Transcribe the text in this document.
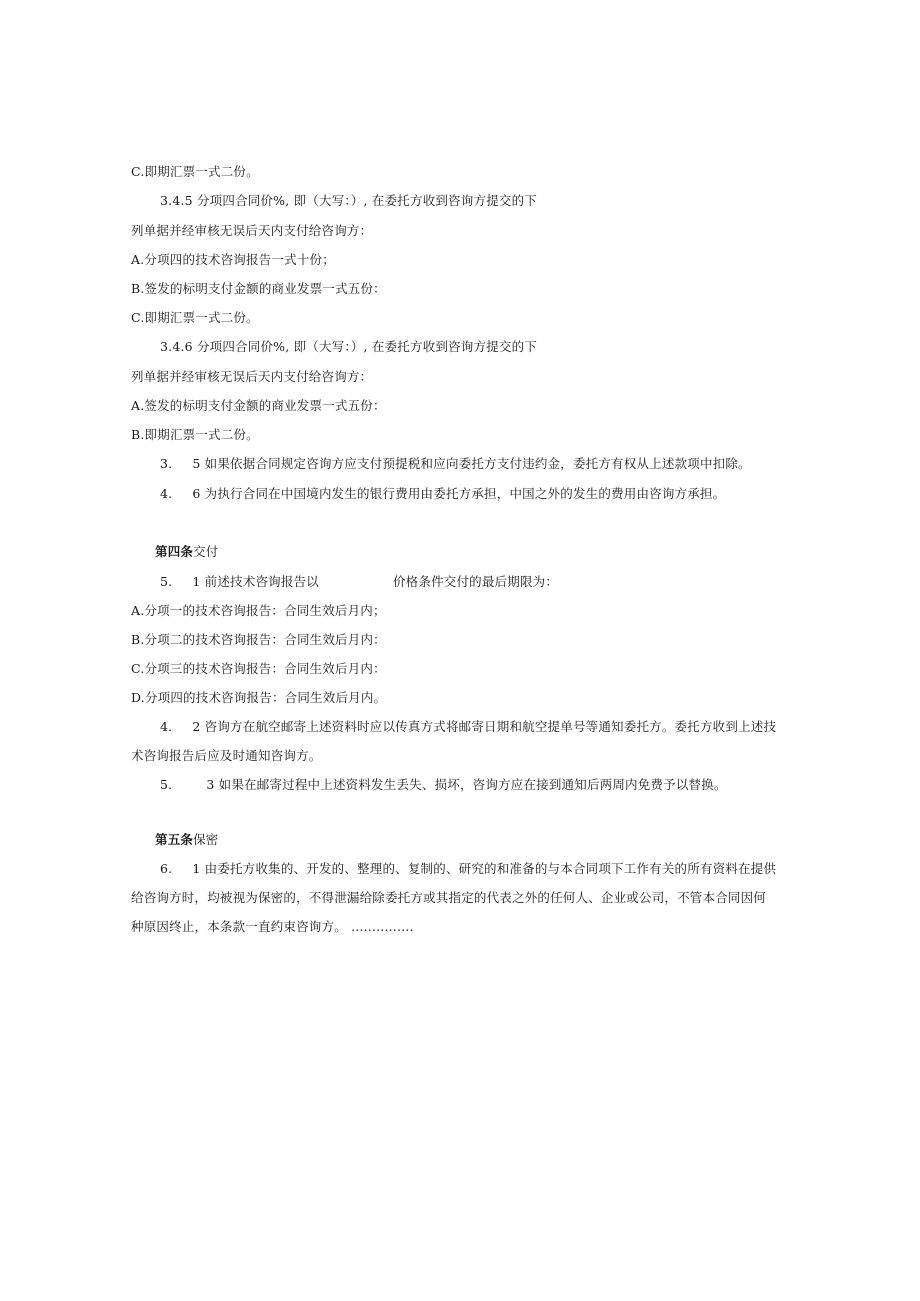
C.即期汇票一式二份。
3.4.5 分项四合同价%, 即（大写：）, 在委托方收到咨询方提交的下
列单据并经审核无误后天内支付给咨询方：
A.分项四的技术咨询报告一式十份；
B.签发的标明支付金额的商业发票一式五份：
C.即期汇票一式二份。
3.4.6 分项四合同价%, 即（大写：）, 在委托方收到咨询方提交的下
列单据并经审核无误后天内支付给咨询方：
A.签发的标明支付金额的商业发票一式五份：
B.即期汇票一式二份。
3. 5 如果依据合同规定咨询方应支付预提税和应向委托方支付违约金，委托方有权从上述款项中扣除。
4. 6 为执行合同在中国境内发生的银行费用由委托方承担，中国之外的发生的费用由咨询方承担。
第四条交付
5. 1 前述技术咨询报告以	价格条件交付的最后期限为：
A.分项一的技术咨询报告：合同生效后月内；
B.分项二的技术咨询报告：合同生效后月内：
C.分项三的技术咨询报告：合同生效后月内：
D.分项四的技术咨询报告：合同生效后月内。
4. 2 咨询方在航空邮寄上述资料时应以传真方式将邮寄日期和航空提单号等通知委托方。委托方收到上述技
术咨询报告后应及时通知咨询方。
5.	3 如果在邮寄过程中上述资料发生丢失、损坏，咨询方应在接到通知后两周内免费予以替换。
第五条保密
6. 1 由委托方收集的、开发的、整理的、复制的、研究的和准备的与本合同项下工作有关的所有资料在提供
给咨询方时，均被视为保密的，不得泄漏给除委托方或其指定的代表之外的任何人、企业或公司，不管本合同因何
种原因终止，本条款一直约束咨询方。 ...............
